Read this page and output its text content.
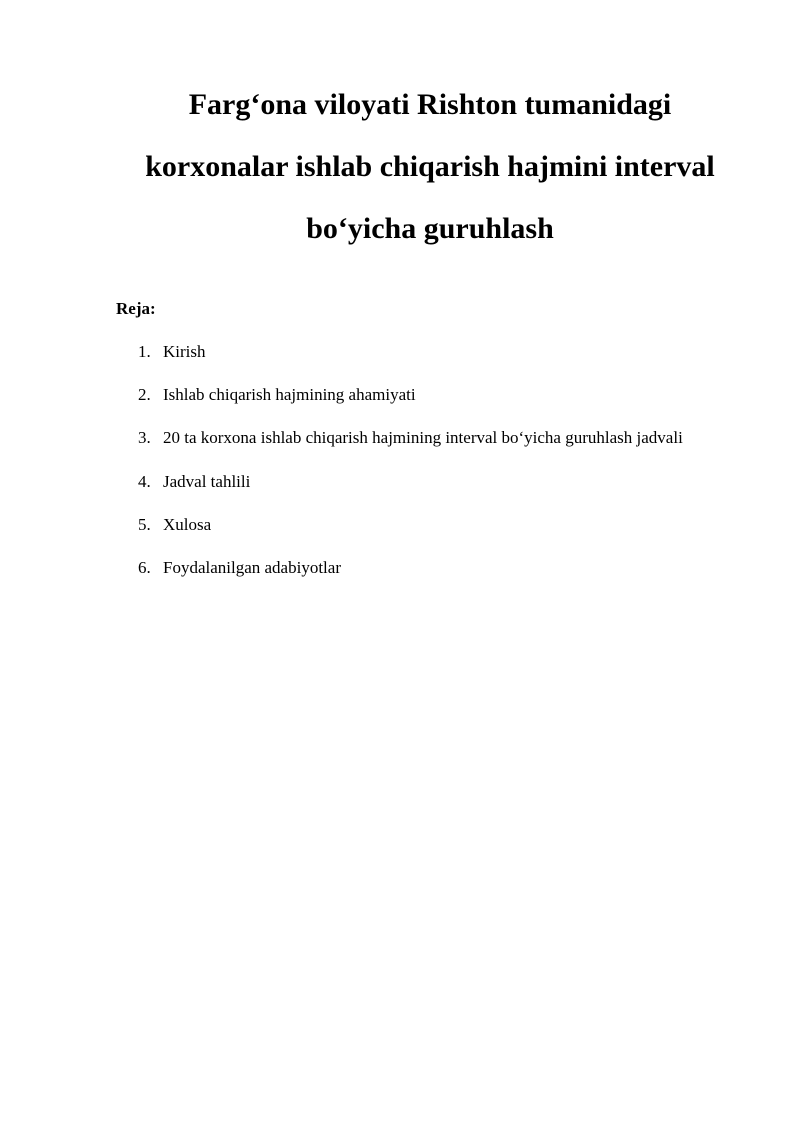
Farg‘ona viloyati Rishton tumanidagi
korxonalar ishlab chiqarish hajmini interval
bo‘yicha guruhlash

Reja:

1. Kirish
2. Ishlab chiqarish hajmining ahamiyati
3. 20 ta korxona ishlab chiqarish hajmining interval bo‘yicha guruhlash jadvali
4. Jadval tahlili
5. Xulosa
6. Foydalanilgan adabiyotlar
